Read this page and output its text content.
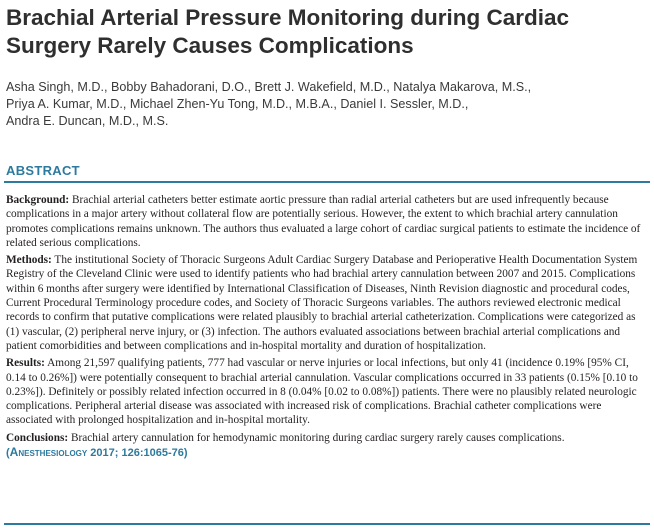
Brachial Arterial Pressure Monitoring during Cardiac Surgery Rarely Causes Complications
Asha Singh, M.D., Bobby Bahadorani, D.O., Brett J. Wakefield, M.D., Natalya Makarova, M.S.,
Priya A. Kumar, M.D., Michael Zhen-Yu Tong, M.D., M.B.A., Daniel I. Sessler, M.D.,
Andra E. Duncan, M.D., M.S.
ABSTRACT

Background: Brachial arterial catheters better estimate aortic pressure than radial arterial catheters but are used infrequently because complications in a major artery without collateral flow are potentially serious. However, the extent to which brachial artery cannulation promotes complications remains unknown. The authors thus evaluated a large cohort of cardiac surgical patients to estimate the incidence of related serious complications.

Methods: The institutional Society of Thoracic Surgeons Adult Cardiac Surgery Database and Perioperative Health Documentation System Registry of the Cleveland Clinic were used to identify patients who had brachial artery cannulation between 2007 and 2015. Complications within 6 months after surgery were identified by International Classification of Diseases, Ninth Revision diagnostic and procedural codes, Current Procedural Terminology procedure codes, and Society of Thoracic Surgeons variables. The authors reviewed electronic medical records to confirm that putative complications were related plausibly to brachial arterial catheterization. Complications were categorized as (1) vascular, (2) peripheral nerve injury, or (3) infection. The authors evaluated associations between brachial arterial complications and patient comorbidities and between complications and in-hospital mortality and duration of hospitalization.

Results: Among 21,597 qualifying patients, 777 had vascular or nerve injuries or local infections, but only 41 (incidence 0.19% [95% CI, 0.14 to 0.26%]) were potentially consequent to brachial arterial cannulation. Vascular complications occurred in 33 patients (0.15% [0.10 to 0.23%]). Definitely or possibly related infection occurred in 8 (0.04% [0.02 to 0.08%]) patients. There were no plausibly related neurologic complications. Peripheral arterial disease was associated with increased risk of complications. Brachial catheter complications were associated with prolonged hospitalization and in-hospital mortality.

Conclusions: Brachial artery cannulation for hemodynamic monitoring during cardiac surgery rarely causes complications.
(Anesthesiology 2017; 126:1065-76)
